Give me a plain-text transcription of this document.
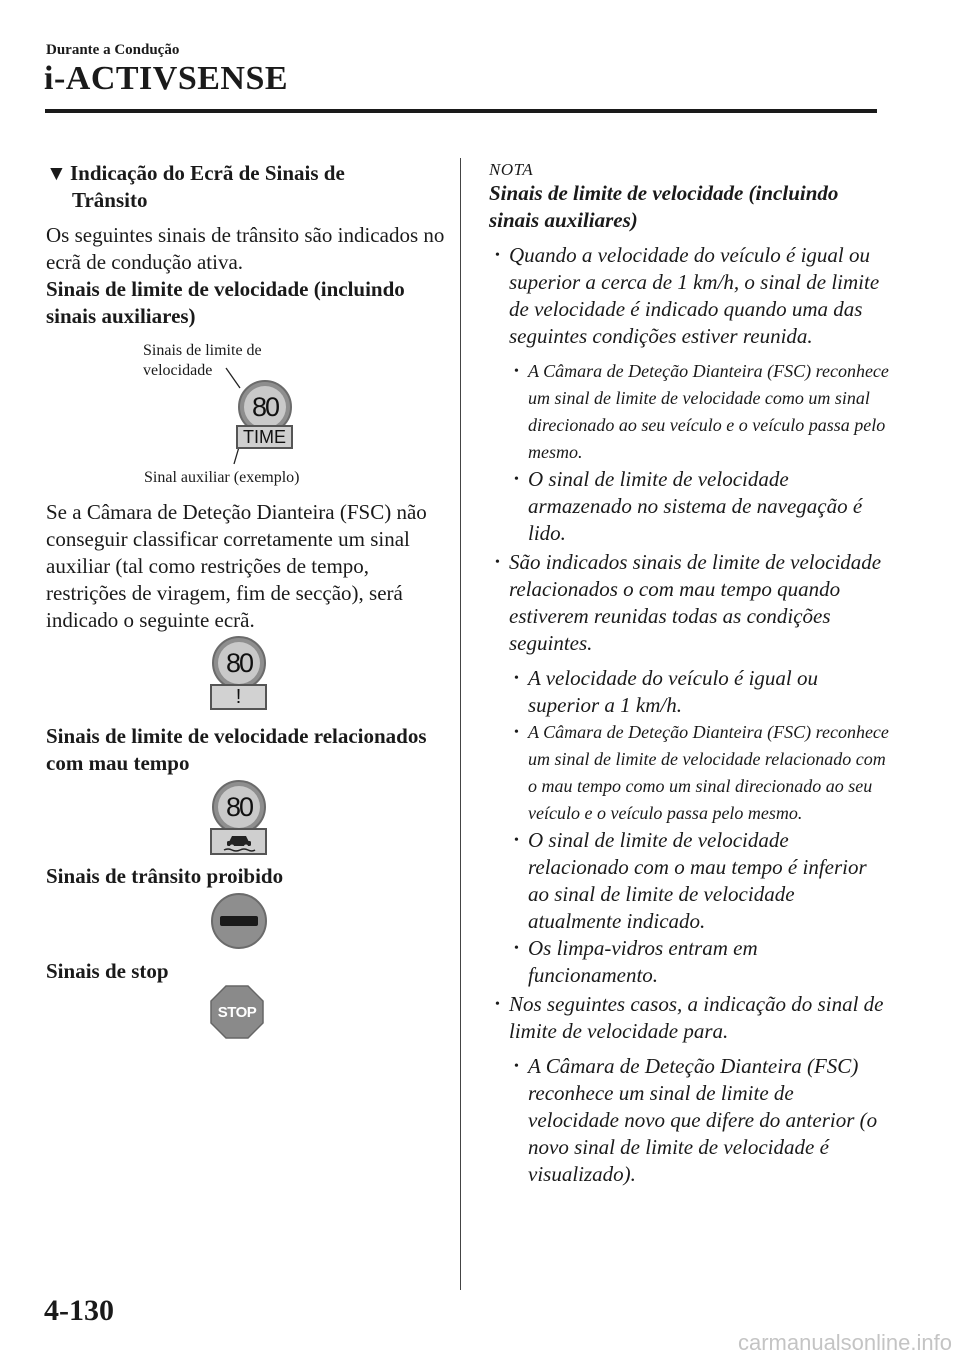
Durante a Condução
i-ACTIVSENSE
▼ Indicação do Ecrã de Sinais de
Trânsito

Os seguintes sinais de trânsito são indicados no ecrã de condução ativa.

Sinais de limite de velocidade (incluindo sinais auxiliares)

Sinais de limite de
velocidade
80
TIME
Sinal auxiliar (exemplo)
Se a Câmara de Deteção Dianteira (FSC) não conseguir classificar corretamente um sinal auxiliar (tal como restrições de tempo, restrições de viragem, fim de secção), será indicado o seguinte ecrã.
80
!
Sinais de limite de velocidade relacionados com mau tempo
80
Sinais de trânsito proibido
Sinais de stop
STOP
NOTA
Sinais de limite de velocidade (incluindo sinais auxiliares)
• Quando a velocidade do veículo é igual ou superior a cerca de 1 km/h, o sinal de limite de velocidade é indicado quando uma das seguintes condições estiver reunida.
• A Câmara de Deteção Dianteira (FSC) reconhece um sinal de limite de velocidade como um sinal direcionado ao seu veículo e o veículo passa pelo mesmo.
• O sinal de limite de velocidade armazenado no sistema de navegação é lido.
• São indicados sinais de limite de velocidade relacionados o com mau tempo quando estiverem reunidas todas as condições seguintes.
• A velocidade do veículo é igual ou superior a 1 km/h.
• A Câmara de Deteção Dianteira (FSC) reconhece um sinal de limite de velocidade relacionado com o mau tempo como um sinal direcionado ao seu veículo e o veículo passa pelo mesmo.
• O sinal de limite de velocidade relacionado com o mau tempo é inferior ao sinal de limite de velocidade atualmente indicado.
• Os limpa-vidros entram em funcionamento.
• Nos seguintes casos, a indicação do sinal de limite de velocidade para.
• A Câmara de Deteção Dianteira (FSC) reconhece um sinal de limite de velocidade novo que difere do anterior (o novo sinal de limite de velocidade é visualizado).
4-130
carmanualsonline.info
